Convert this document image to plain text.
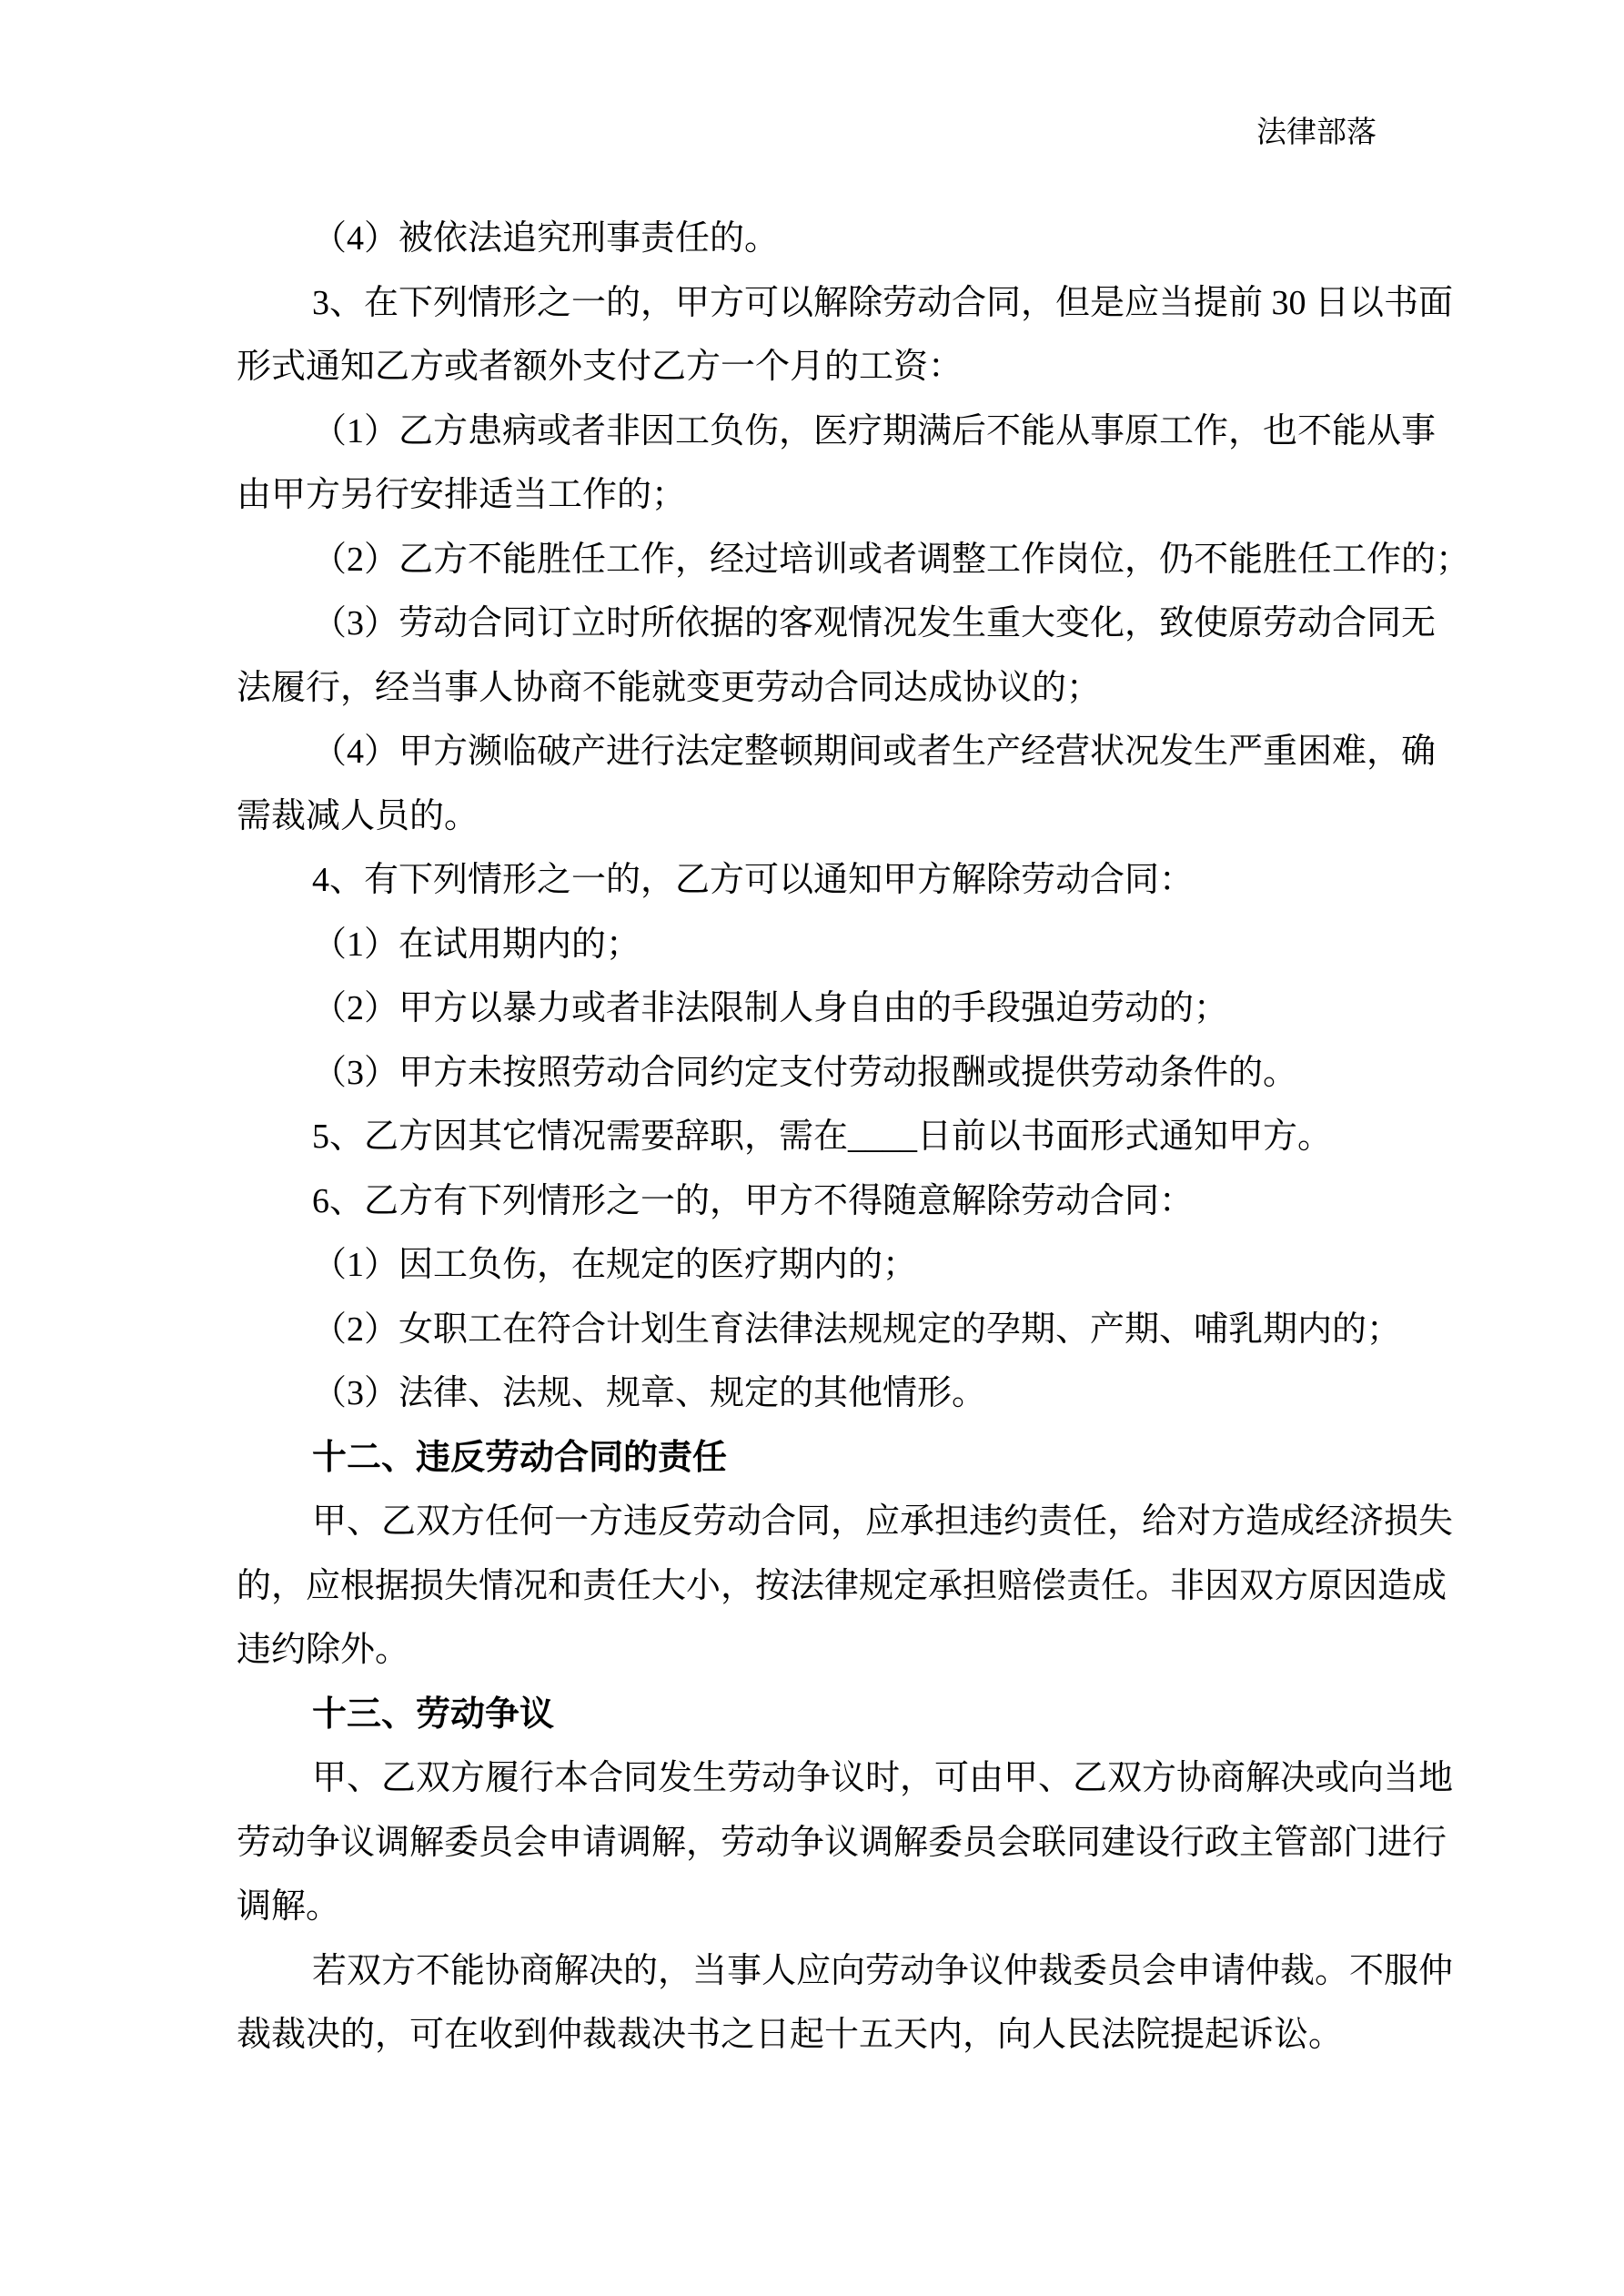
法律部落
（4）被依法追究刑事责任的。
3、在下列情形之一的，甲方可以解除劳动合同，但是应当提前 30 日以书面
形式通知乙方或者额外支付乙方一个月的工资：
（1）乙方患病或者非因工负伤，医疗期满后不能从事原工作，也不能从事
由甲方另行安排适当工作的；
（2）乙方不能胜任工作，经过培训或者调整工作岗位，仍不能胜任工作的；
（3）劳动合同订立时所依据的客观情况发生重大变化，致使原劳动合同无
法履行，经当事人协商不能就变更劳动合同达成协议的；
（4）甲方濒临破产进行法定整顿期间或者生产经营状况发生严重困难，确
需裁减人员的。
4、有下列情形之一的，乙方可以通知甲方解除劳动合同：
（1）在试用期内的；
（2）甲方以暴力或者非法限制人身自由的手段强迫劳动的；
（3）甲方未按照劳动合同约定支付劳动报酬或提供劳动条件的。
5、乙方因其它情况需要辞职，需在____日前以书面形式通知甲方。
6、乙方有下列情形之一的，甲方不得随意解除劳动合同：
（1）因工负伤，在规定的医疗期内的；
（2）女职工在符合计划生育法律法规规定的孕期、产期、哺乳期内的；
（3）法律、法规、规章、规定的其他情形。
十二、违反劳动合同的责任
甲、乙双方任何一方违反劳动合同，应承担违约责任，给对方造成经济损失
的，应根据损失情况和责任大小，按法律规定承担赔偿责任。非因双方原因造成
违约除外。
十三、劳动争议
甲、乙双方履行本合同发生劳动争议时，可由甲、乙双方协商解决或向当地
劳动争议调解委员会申请调解，劳动争议调解委员会联同建设行政主管部门进行
调解。
若双方不能协商解决的，当事人应向劳动争议仲裁委员会申请仲裁。不服仲
裁裁决的，可在收到仲裁裁决书之日起十五天内，向人民法院提起诉讼。
